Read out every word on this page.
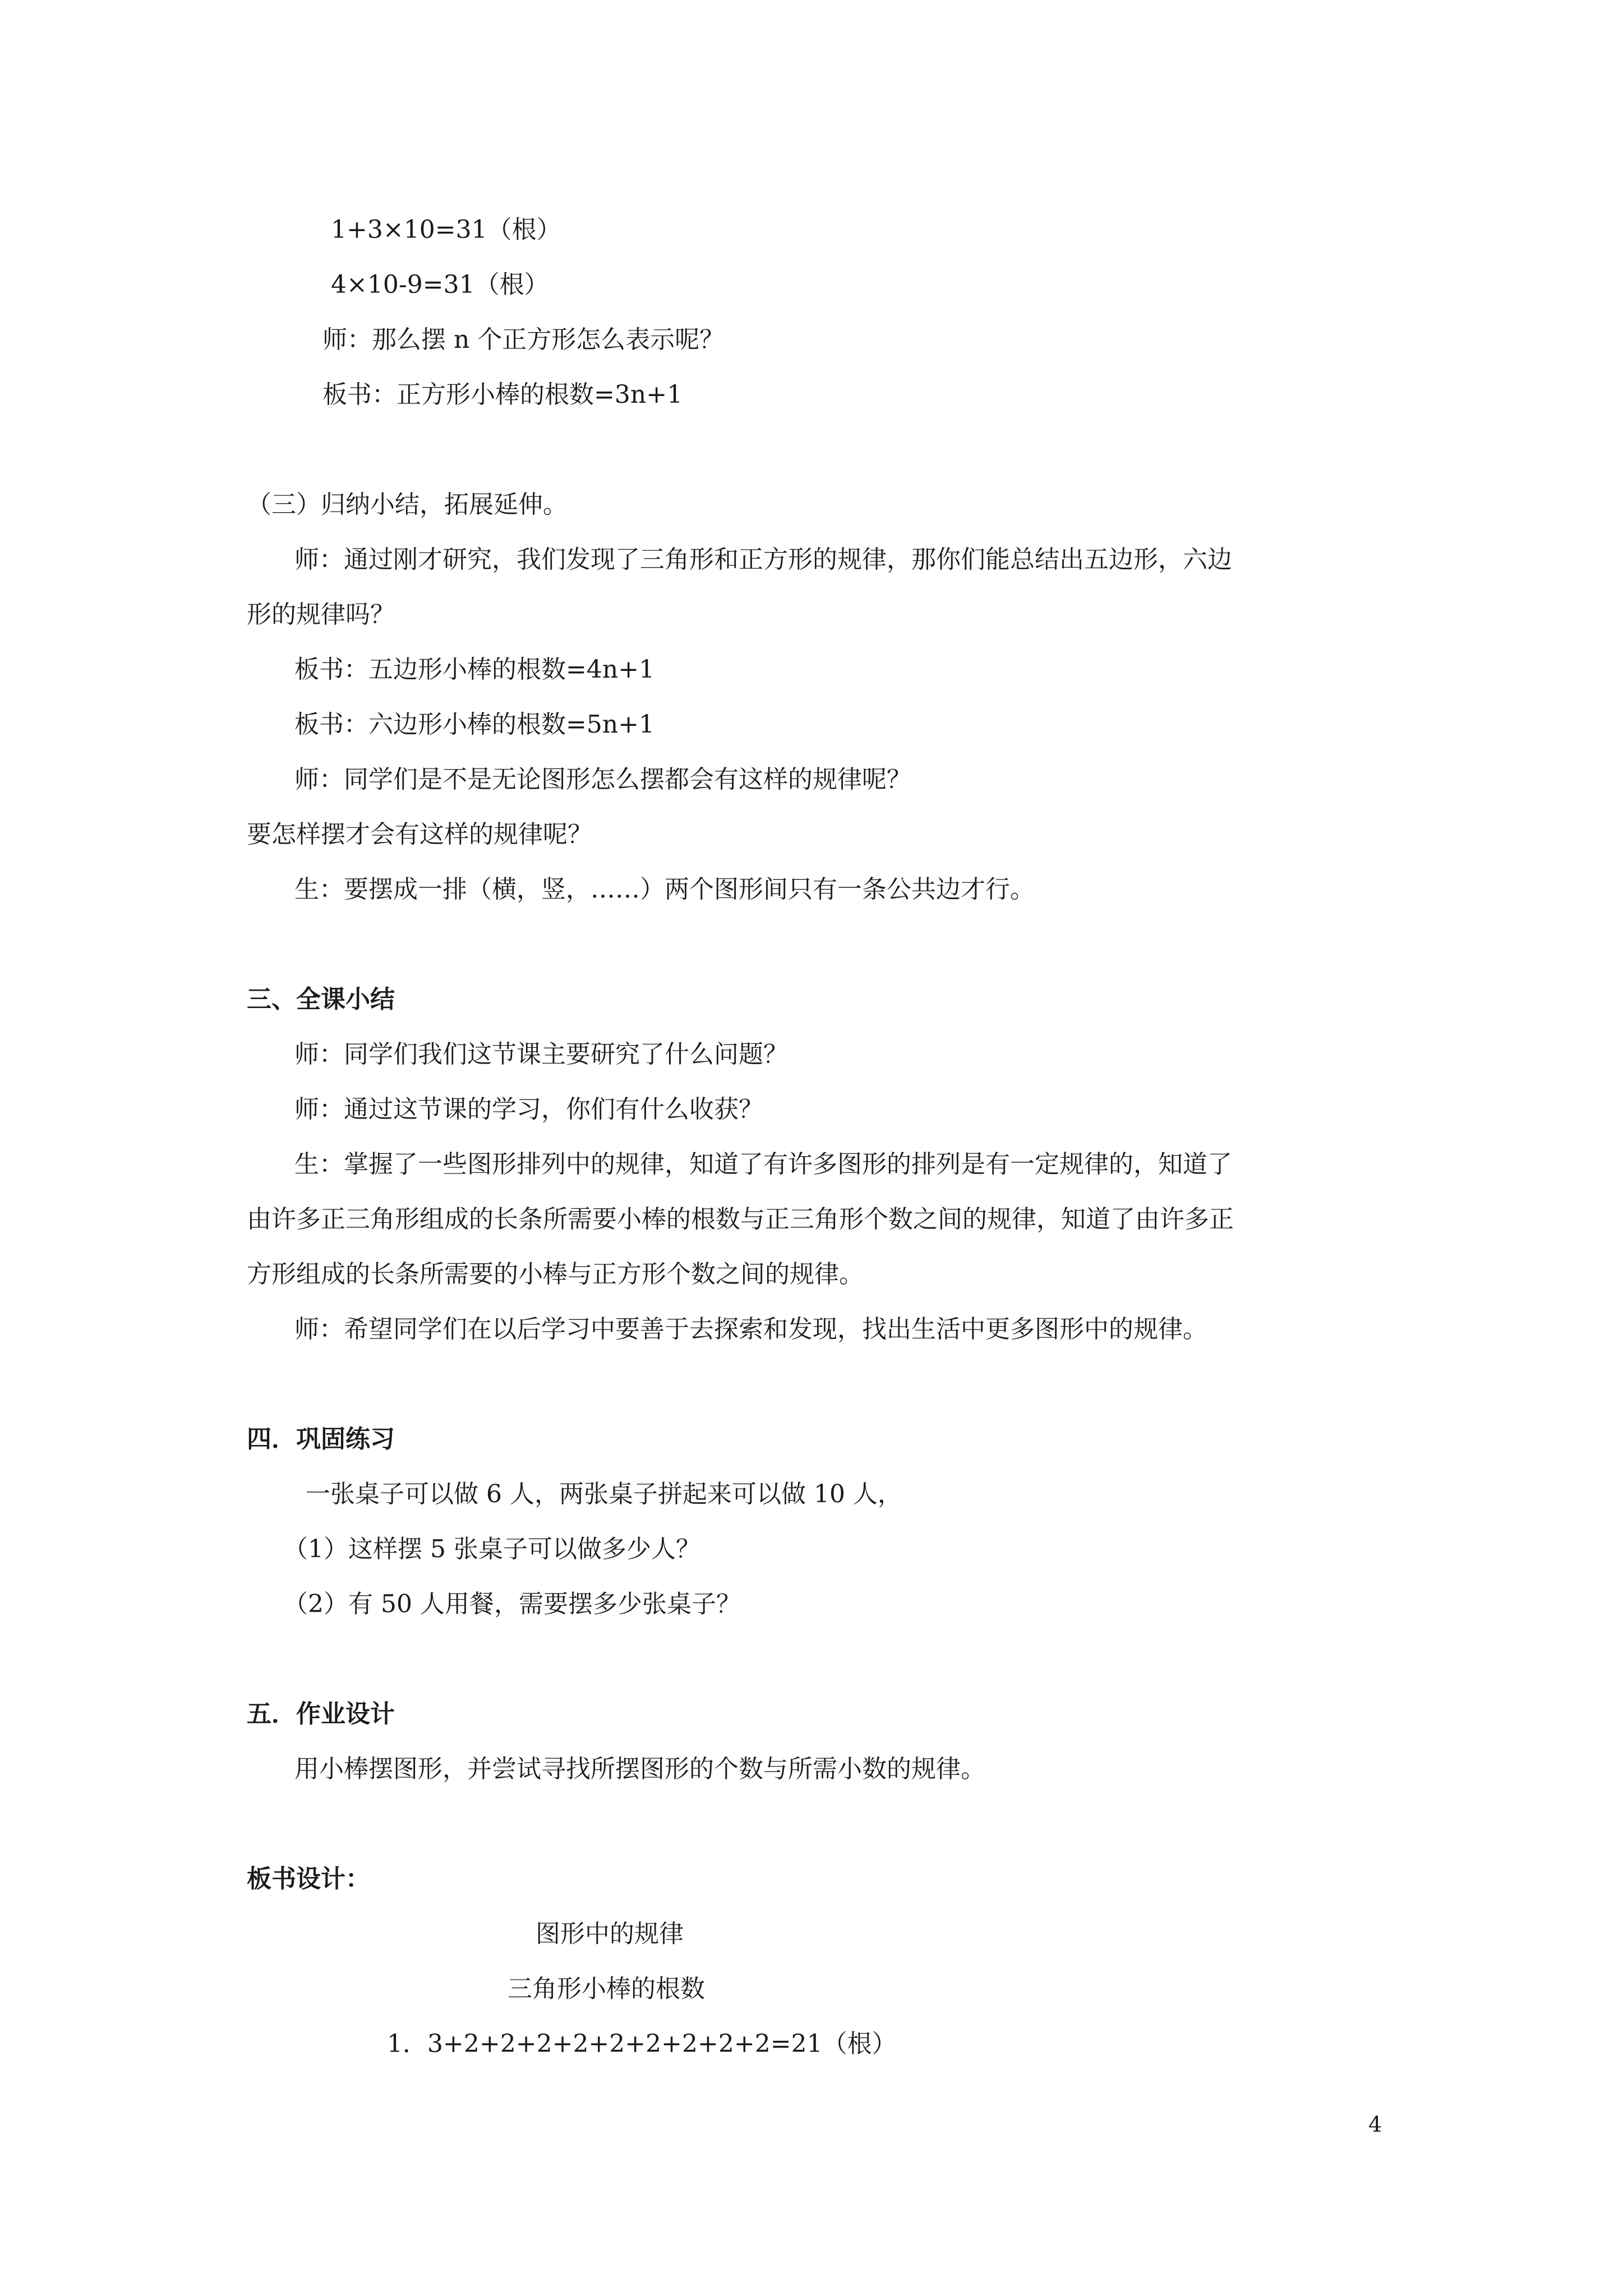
1+3×10=31（根）
4×10-9=31（根）
师：那么摆 n 个正方形怎么表示呢？
板书：正方形小棒的根数=3n+1
（三）归纳小结，拓展延伸。
师：通过刚才研究，我们发现了三角形和正方形的规律，那你们能总结出五边形，六边
形的规律吗？
板书：五边形小棒的根数=4n+1
板书：六边形小棒的根数=5n+1
师：同学们是不是无论图形怎么摆都会有这样的规律呢？
要怎样摆才会有这样的规律呢？
生：要摆成一排（横，竖，……）两个图形间只有一条公共边才行。
三、全课小结
师：同学们我们这节课主要研究了什么问题？
师：通过这节课的学习，你们有什么收获？
生：掌握了一些图形排列中的规律，知道了有许多图形的排列是有一定规律的，知道了
由许多正三角形组成的长条所需要小棒的根数与正三角形个数之间的规律，知道了由许多正
方形组成的长条所需要的小棒与正方形个数之间的规律。
师：希望同学们在以后学习中要善于去探索和发现，找出生活中更多图形中的规律。
四．巩固练习
一张桌子可以做 6 人，两张桌子拼起来可以做 10 人，
（1）这样摆 5 张桌子可以做多少人？
（2）有 50 人用餐，需要摆多少张桌子？
五．作业设计
用小棒摆图形，并尝试寻找所摆图形的个数与所需小数的规律。
板书设计：
图形中的规律
三角形小棒的根数
1．3+2+2+2+2+2+2+2+2+2=21（根）
4
